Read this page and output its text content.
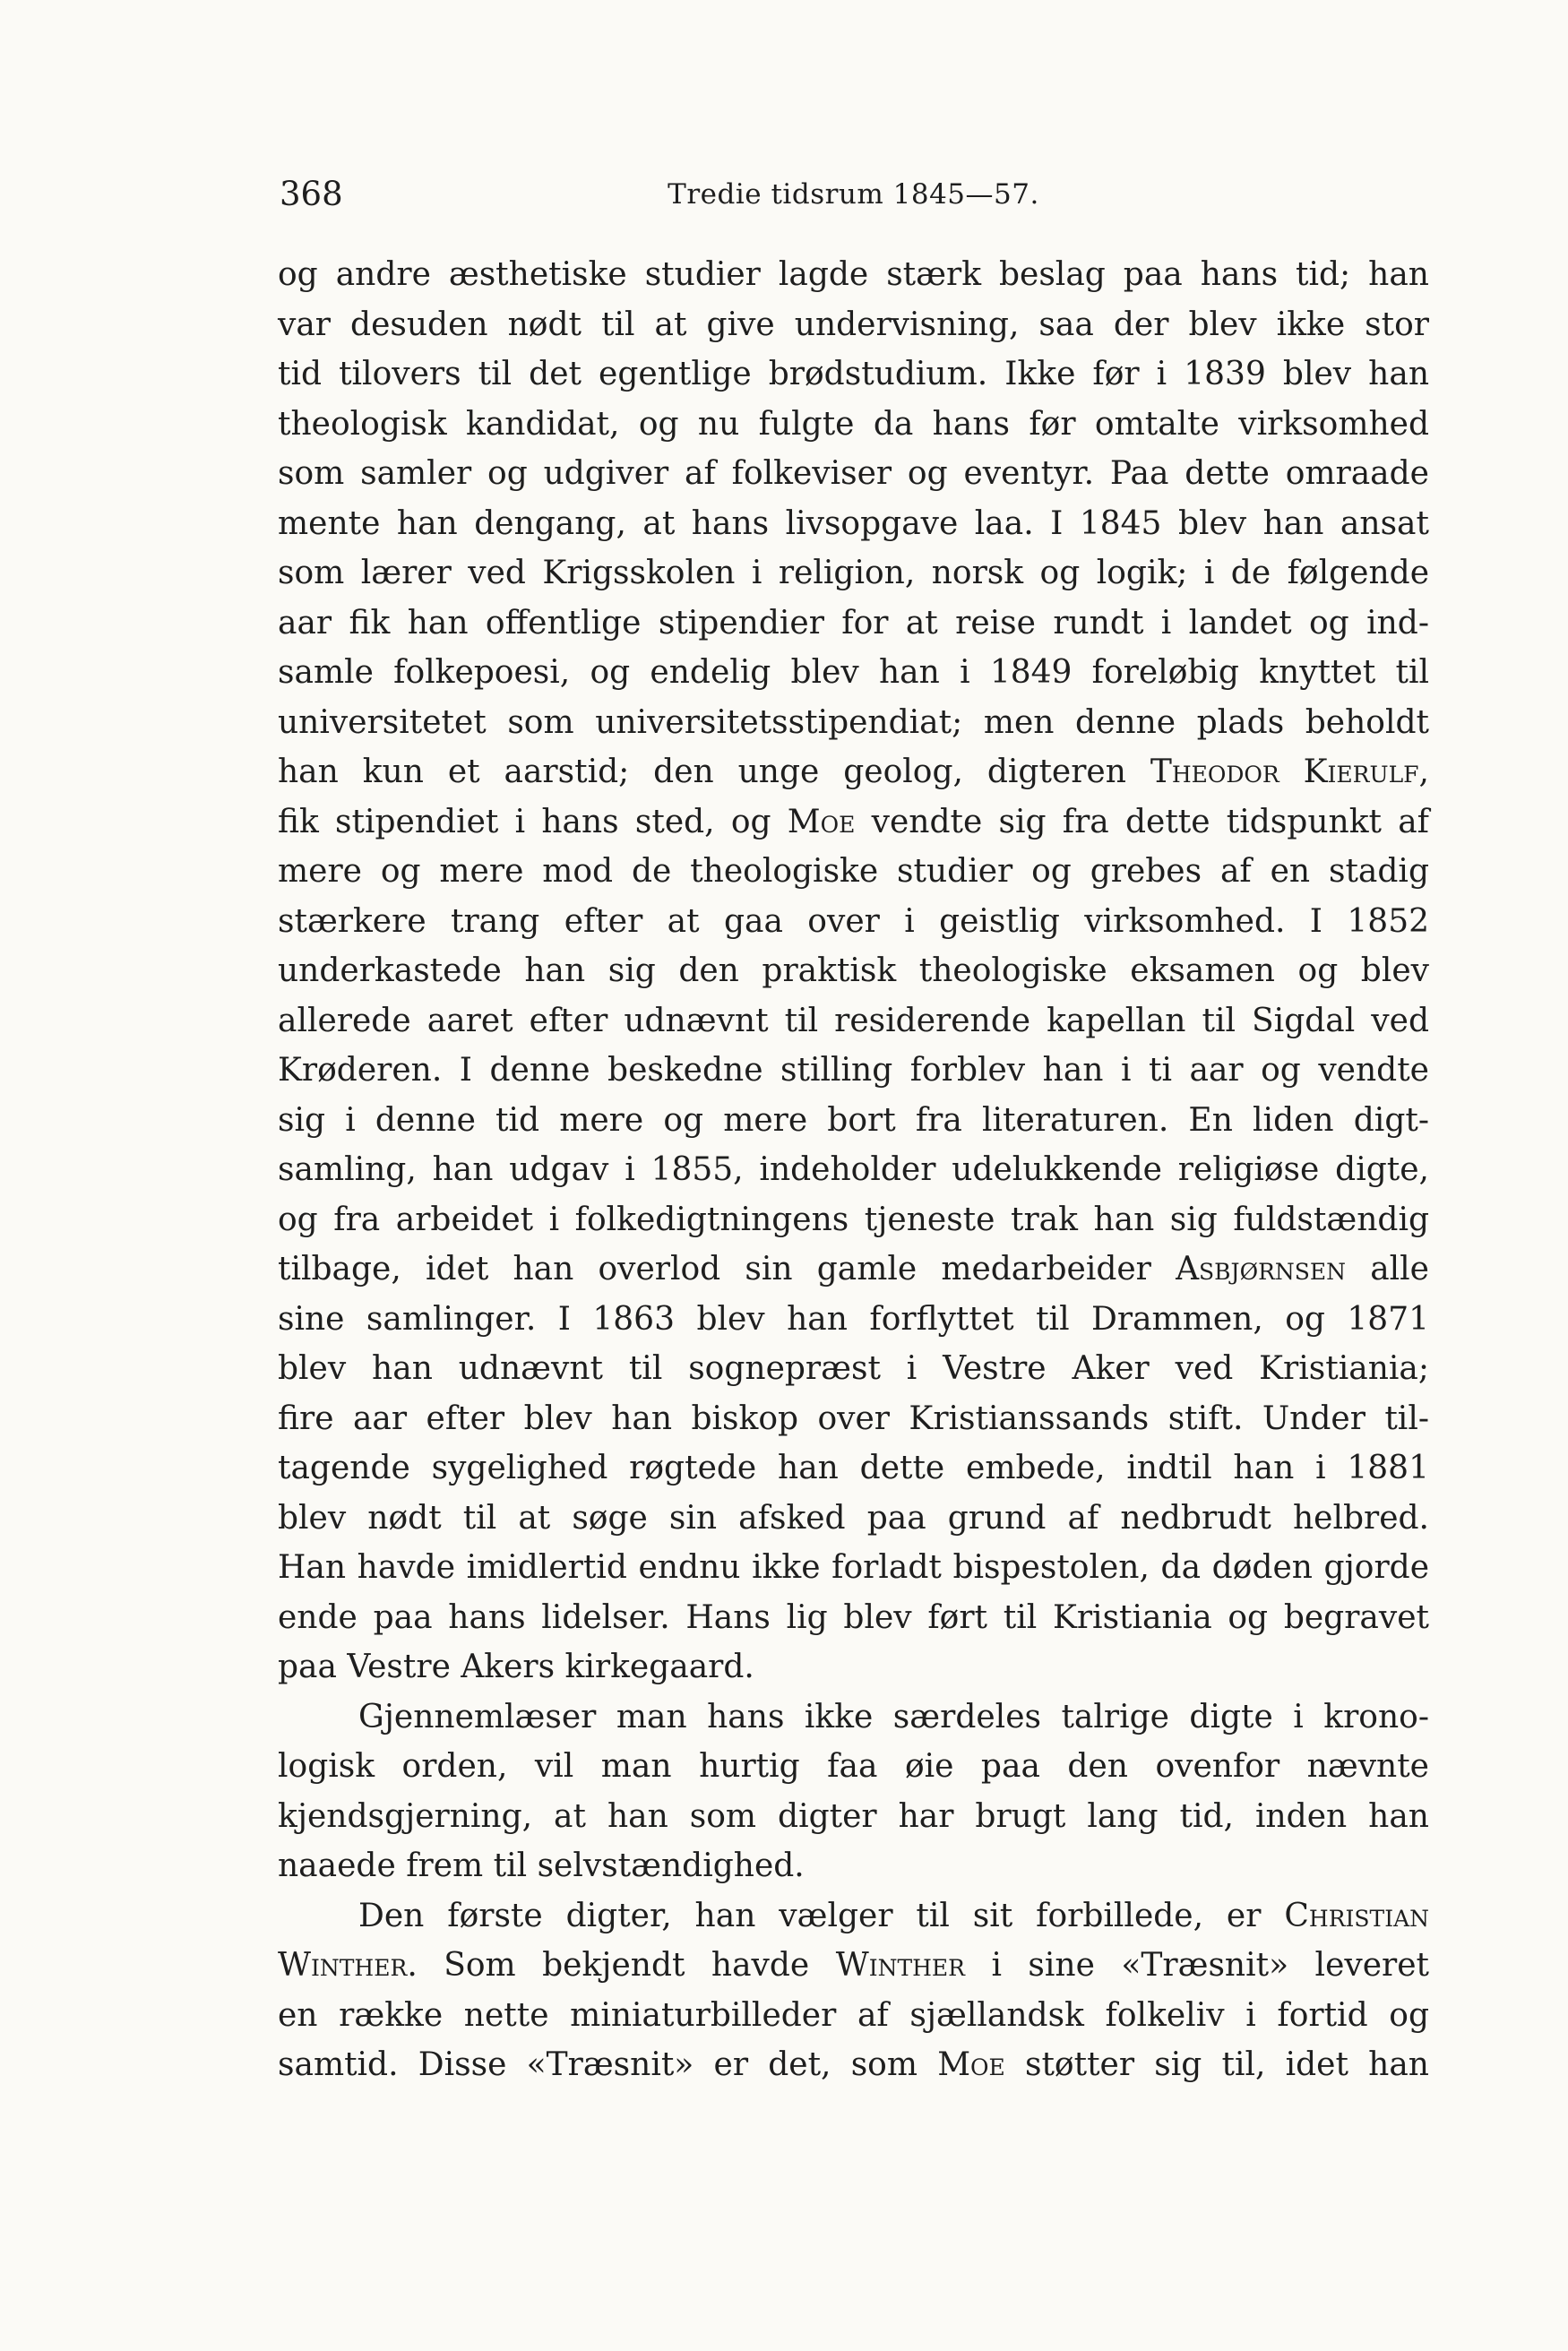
368	Tredie tidsrum 1845—57.
og andre æsthetiske studier lagde stærk beslag paa hans tid; han
var desuden nødt til at give undervisning, saa der blev ikke stor
tid tilovers til det egentlige brødstudium. Ikke før i 1839 blev han
theologisk kandidat, og nu fulgte da hans før omtalte virksomhed
som samler og udgiver af folkeviser og eventyr. Paa dette omraade
mente han dengang, at hans livsopgave laa. I 1845 blev han ansat
som lærer ved Krigsskolen i religion, norsk og logik; i de følgende
aar fik han offentlige stipendier for at reise rundt i landet og ind-
samle folkepoesi, og endelig blev han i 1849 foreløbig knyttet til
universitetet som universitetsstipendiat; men denne plads beholdt
han kun et aarstid; den unge geolog, digteren Theodor Kierulf,
fik stipendiet i hans sted, og Moe vendte sig fra dette tidspunkt af
mere og mere mod de theologiske studier og grebes af en stadig
stærkere trang efter at gaa over i geistlig virksomhed. I 1852
underkastede han sig den praktisk theologiske eksamen og blev
allerede aaret efter udnævnt til residerende kapellan til Sigdal ved
Krøderen. I denne beskedne stilling forblev han i ti aar og vendte
sig i denne tid mere og mere bort fra literaturen. En liden digt-
samling, han udgav i 1855, indeholder udelukkende religiøse digte,
og fra arbeidet i folkedigtningens tjeneste trak han sig fuldstændig
tilbage, idet han overlod sin gamle medarbeider Asbjørnsen alle
sine samlinger. I 1863 blev han forflyttet til Drammen, og 1871
blev han udnævnt til sognepræst i Vestre Aker ved Kristiania;
fire aar efter blev han biskop over Kristianssands stift. Under til-
tagende sygelighed røgtede han dette embede, indtil han i 1881
blev nødt til at søge sin afsked paa grund af nedbrudt helbred.
Han havde imidlertid endnu ikke forladt bispestolen, da døden gjorde
ende paa hans lidelser. Hans lig blev ført til Kristiania og begravet
paa Vestre Akers kirkegaard.
Gjennemlæser man hans ikke særdeles talrige digte i krono-
logisk orden, vil man hurtig faa øie paa den ovenfor nævnte
kjendsgjerning, at han som digter har brugt lang tid, inden han
naaede frem til selvstændighed.
Den første digter, han vælger til sit forbillede, er Christian
Winther. Som bekjendt havde Winther i sine «Træsnit» leveret
en række nette miniaturbilleder af sjællandsk folkeliv i fortid og
samtid. Disse «Træsnit» er det, som Moe støtter sig til, idet han
